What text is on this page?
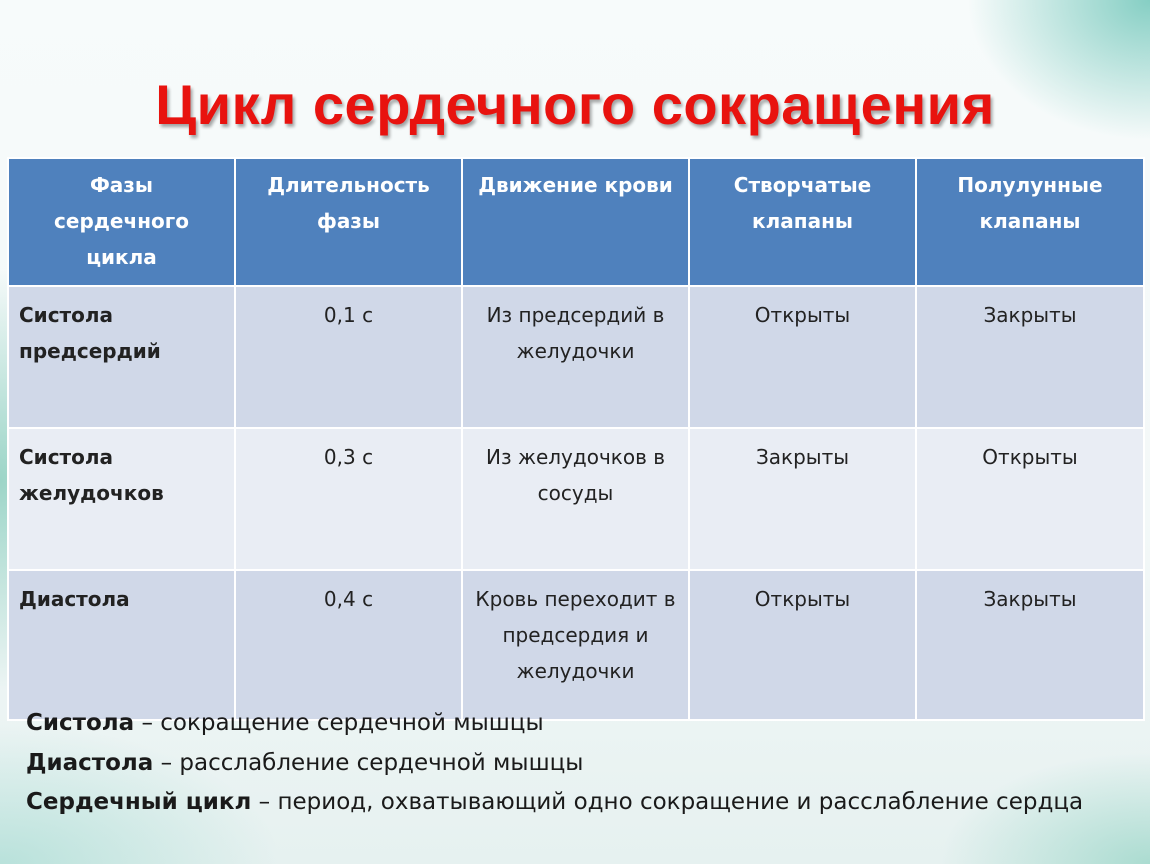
Цикл сердечного сокращения
Фазы сердечного цикла	Длительность фазы	Движение крови	Створчатые клапаны	Полулунные клапаны
Систола предсердий	0,1 с	Из предсердий в желудочки	Открыты	Закрыты
Систола желудочков	0,3 с	Из желудочков в сосуды	Закрыты	Открыты
Диастола	0,4 с	Кровь переходит в предсердия и желудочки	Открыты	Закрыты

Систола – сокращение сердечной мышцы

Диастола – расслабление сердечной мышцы

Сердечный цикл – период, охватывающий одно сокращение и расслабление сердца
